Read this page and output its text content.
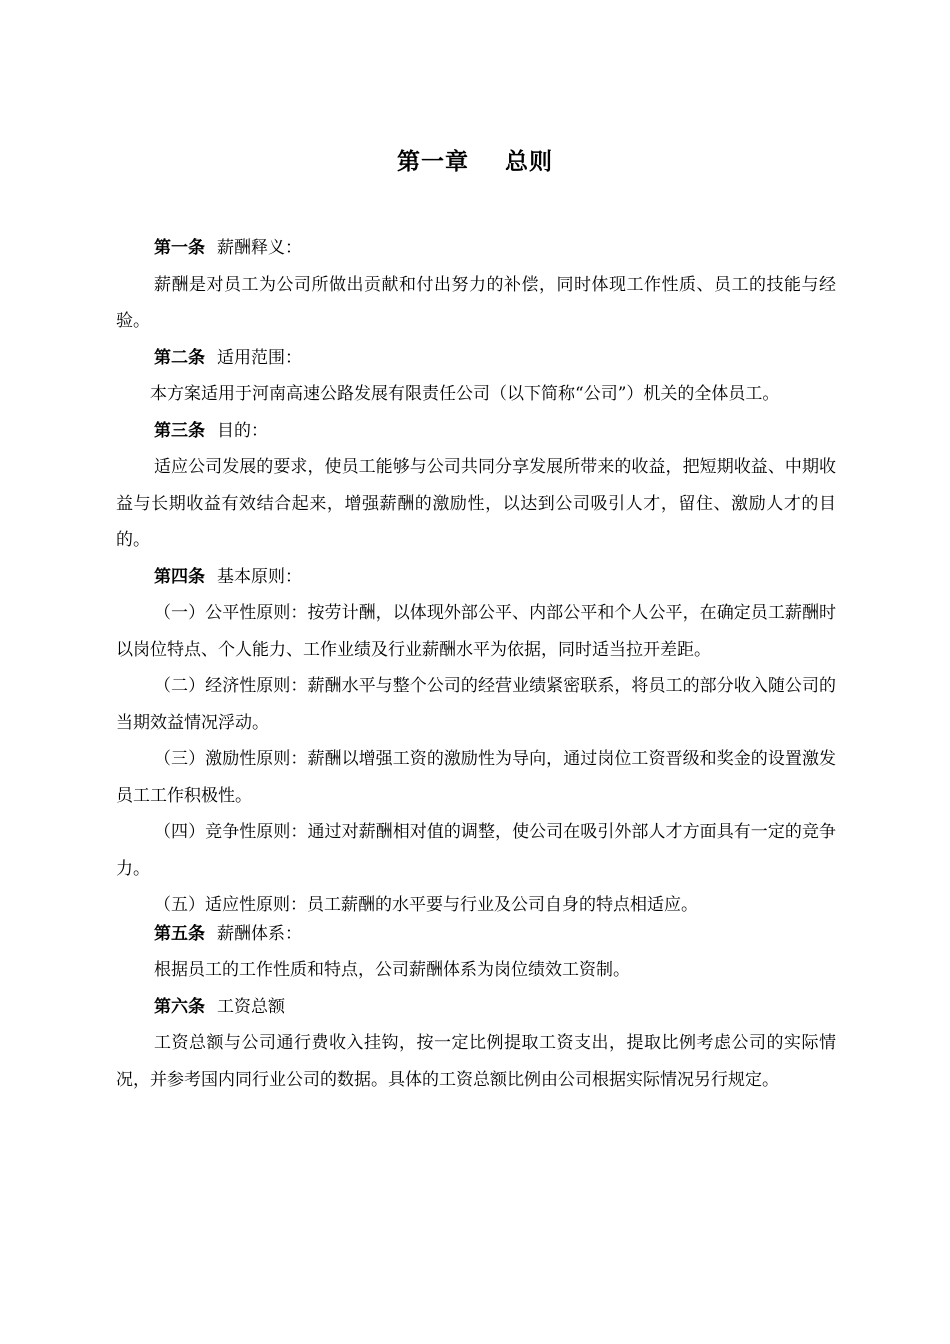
第一章    总则
第一条 薪酬释义：
薪酬是对员工为公司所做出贡献和付出努力的补偿，同时体现工作性质、员工的技能与经验。
第二条 适用范围：
本方案适用于河南高速公路发展有限责任公司（以下简称“公司”）机关的全体员工。
第三条 目的：
适应公司发展的要求，使员工能够与公司共同分享发展所带来的收益，把短期收益、中期收益与长期收益有效结合起来，增强薪酬的激励性，以达到公司吸引人才，留住、激励人才的目的。
第四条 基本原则：
（一）公平性原则：按劳计酬，以体现外部公平、内部公平和个人公平，在确定员工薪酬时以岗位特点、个人能力、工作业绩及行业薪酬水平为依据，同时适当拉开差距。
（二）经济性原则：薪酬水平与整个公司的经营业绩紧密联系，将员工的部分收入随公司的当期效益情况浮动。
（三）激励性原则：薪酬以增强工资的激励性为导向，通过岗位工资晋级和奖金的设置激发员工工作积极性。
（四）竞争性原则：通过对薪酬相对值的调整，使公司在吸引外部人才方面具有一定的竞争力。
（五）适应性原则：员工薪酬的水平要与行业及公司自身的特点相适应。
第五条 薪酬体系：
根据员工的工作性质和特点，公司薪酬体系为岗位绩效工资制。
第六条 工资总额
工资总额与公司通行费收入挂钩，按一定比例提取工资支出，提取比例考虑公司的实际情况，并参考国内同行业公司的数据。具体的工资总额比例由公司根据实际情况另行规定。
